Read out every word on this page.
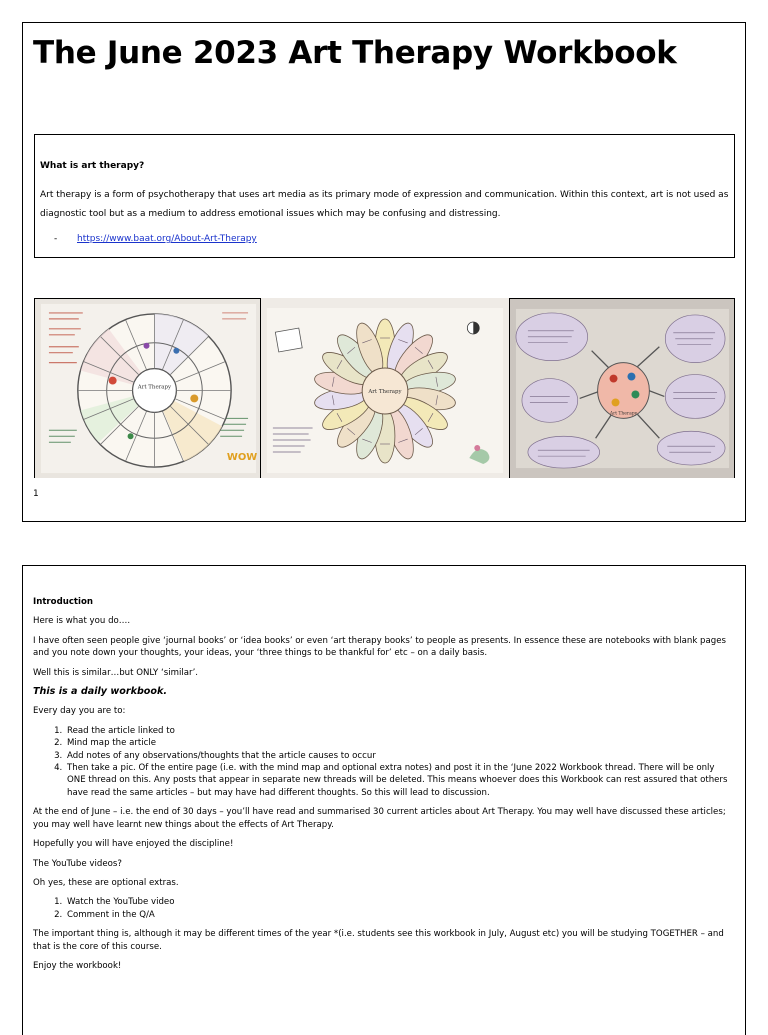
The June 2023 Art Therapy Workbook
What is art therapy?
Art therapy is a form of psychotherapy that uses art media as its primary mode of expression and communication. Within this context, art is not used as diagnostic tool but as a medium to address emotional issues which may be confusing and distressing.
- https://www.baat.org/About-Art-Therapy
Art Therapy
WOW
Art Therapy
Art Therapy
1

Introduction

Here is what you do….

I have often seen people give ‘journal books’ or ‘idea books’ or even ‘art therapy books’ to people as presents. In essence these are notebooks with blank pages and you note down your thoughts, your ideas, your ‘three things to be thankful for’ etc – on a daily basis.

Well this is similar…but ONLY ‘similar’.

This is a daily workbook.

Every day you are to:

1. Read the article linked to
2. Mind map the article
3. Add notes of any observations/thoughts that the article causes to occur
4. Then take a pic. Of the entire page (i.e. with the mind map and optional extra notes) and post it in the ‘June 2022 Workbook thread. There will be only ONE thread on this. Any posts that appear in separate new threads will be deleted. This means whoever does this Workbook can rest assured that others have read the same articles – but may have had different thoughts. So this will lead to discussion.

At the end of June – i.e. the end of 30 days – you’ll have read and summarised 30 current articles about Art Therapy. You may well have discussed these articles; you may well have learnt new things about the effects of Art Therapy.

Hopefully you will have enjoyed the discipline!

The YouTube videos?

Oh yes, these are optional extras.

1. Watch the YouTube video
2. Comment in the Q/A

The important thing is, although it may be different times of the year *(i.e. students see this workbook in July, August etc) you will be studying TOGETHER – and that is the core of this course.

Enjoy the workbook!
